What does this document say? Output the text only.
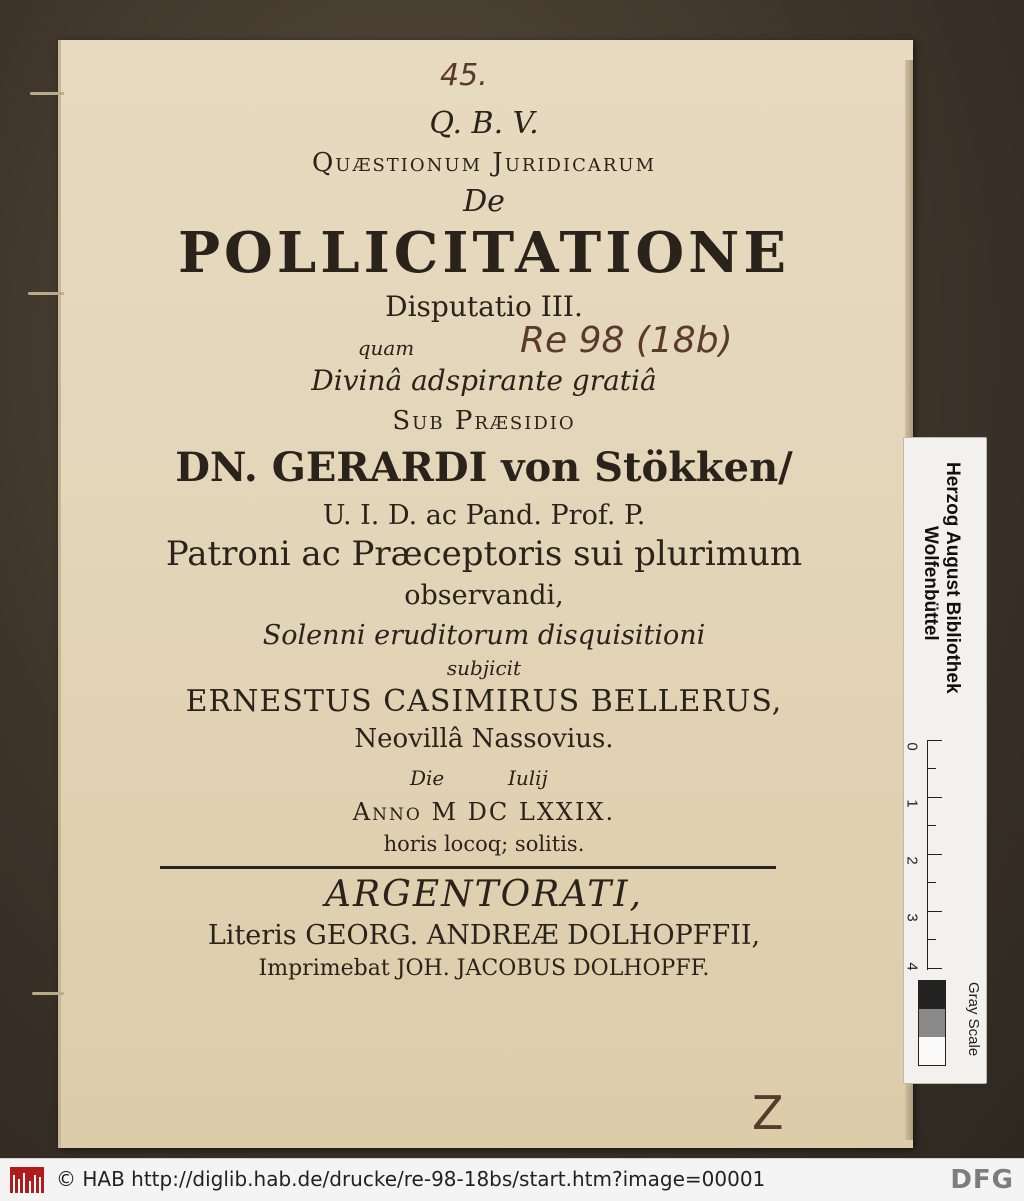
45.
Q. B. V.
Quæstionum Juridicarum
De
POLLICITATIONE
Disputatio III.
quam	Re 98 (18b)
Divinâ adspirante gratiâ
Sub Præsidio
DN. GERARDI von Stökken/
U. I. D. ac Pand. Prof. P.
Patroni ac Præceptoris sui plurimum
observandi,
Solenni eruditorum disquisitioni
subjicit
ERNESTUS CASIMIRUS BELLERUS,
Neovillâ Nassovius.
Die	Iulij
Anno M DC LXXIX.
horis locoq; solitis.
ARGENTORATI,
Literis GEORG. ANDREÆ DOLHOPFFII,
Imprimebat JOH. JACOBUS DOLHOPFF.
Z
Herzog August Bibliothek
Wolfenbüttel
0
1
2
3
4
Gray Scale
© HAB http://diglib.hab.de/drucke/re-98-18bs/start.htm?image=00001	DFG
